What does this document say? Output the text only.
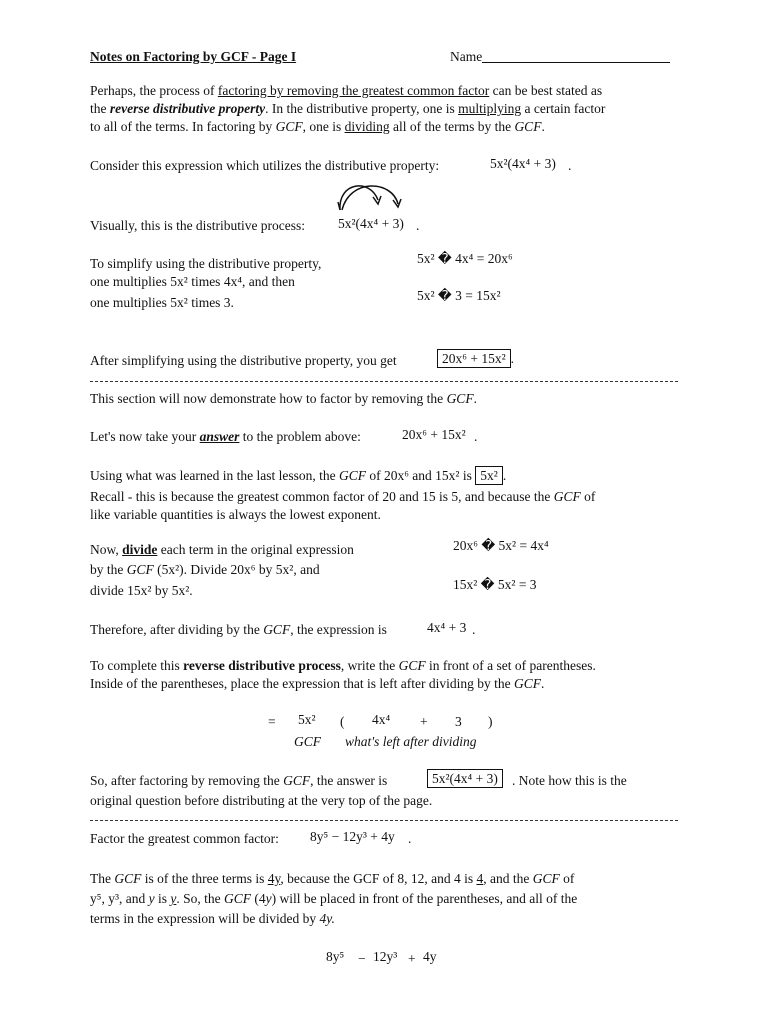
Notes on Factoring by GCF - Page I	Name
Perhaps, the process of factoring by removing the greatest common factor can be best stated as
the reverse distributive property. In the distributive property, one is multiplying a certain factor
to all of the terms. In factoring by GCF, one is dividing all of the terms by the GCF.
Consider this expression which utilizes the distributive property:	5x²(4x⁴ + 3) .
Visually, this is the distributive process: 5x²(4x⁴ + 3) .
To simplify using the distributive property,
one multiplies 5x² times 4x⁴, and then
one multiplies 5x² times 3.
5x² � 4x⁴ = 20x⁶
5x² � 3 = 15x²
After simplifying using the distributive property, you get	20x⁶ + 15x² .
This section will now demonstrate how to factor by removing the GCF.
Let's now take your answer to the problem above:	20x⁶ + 15x² .
Using what was learned in the last lesson, the GCF of 20x⁶ and 15x² is 5x² .
Recall - this is because the greatest common factor of 20 and 15 is 5, and because the GCF of
like variable quantities is always the lowest exponent.
Now, divide each term in the original expression
by the GCF (5x²). Divide 20x⁶ by 5x², and
divide 15x² by 5x².
20x⁶ � 5x² = 4x⁴
15x² � 5x² = 3
Therefore, after dividing by the GCF, the expression is	4x⁴ + 3 .
To complete this reverse distributive process, write the GCF in front of a set of parentheses.
Inside of the parentheses, place the expression that is left after dividing by the GCF.
= 5x² ( 4x⁴ + 3 )
GCF what's left after dividing
So, after factoring by removing the GCF, the answer is	5x²(4x⁴ + 3)	. Note how this is the
original question before distributing at the very top of the page.
Factor the greatest common factor: 8y⁵ − 12y³ + 4y .
The GCF is of the three terms is 4y, because the GCF of 8, 12, and 4 is 4, and the GCF of
y⁵, y³, and y is y. So, the GCF (4y) will be placed in front of the parentheses, and all of the
terms in the expression will be divided by 4y.
8y⁵ − 12y³ + 4y
